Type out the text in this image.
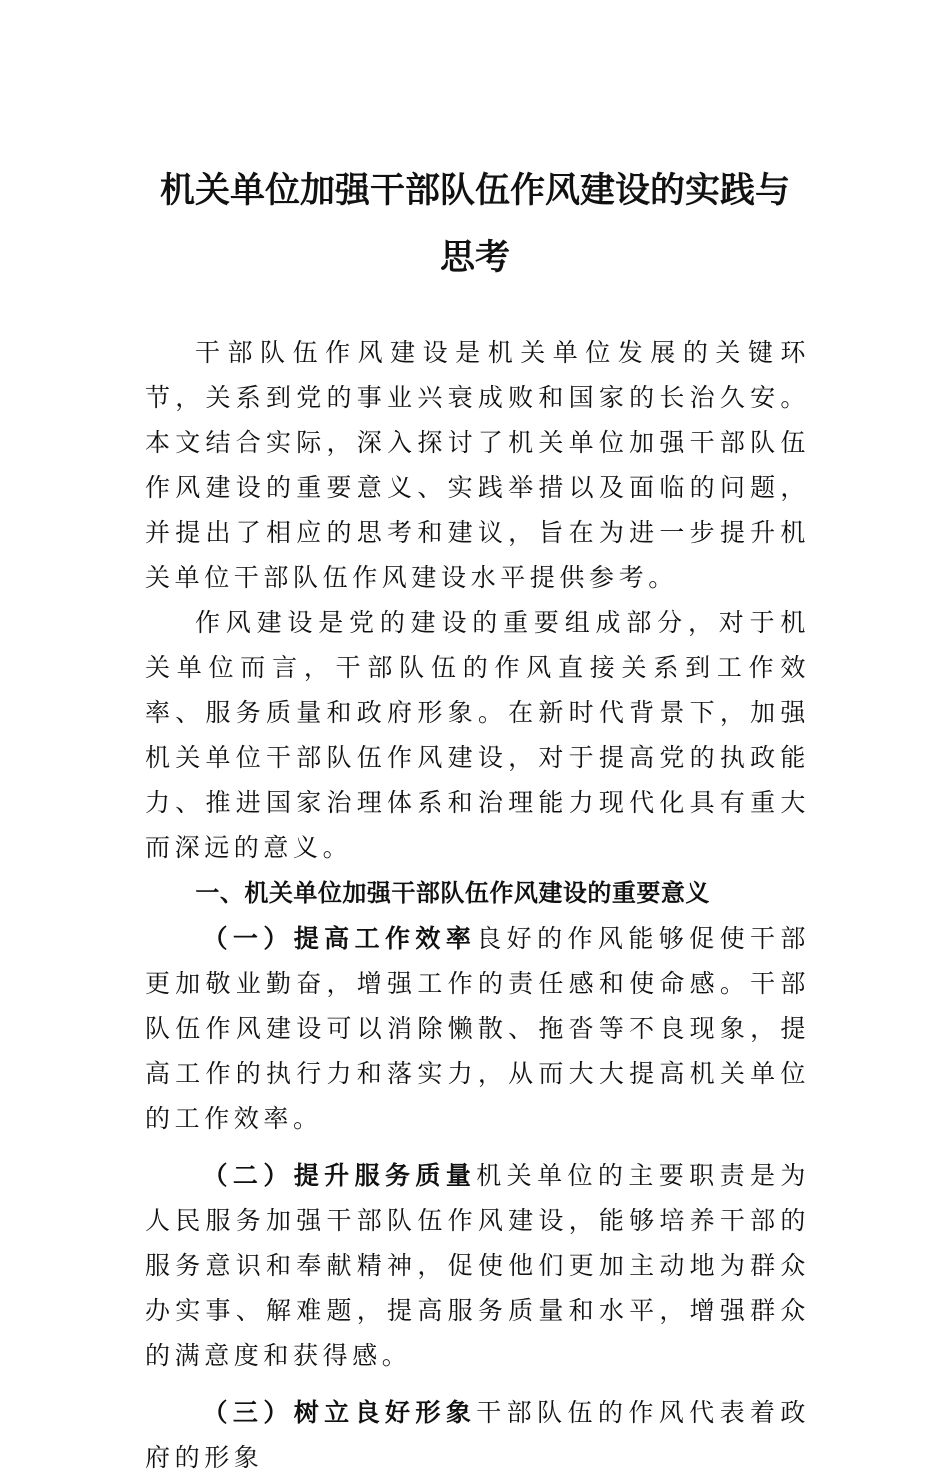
机关单位加强干部队伍作风建设的实践与
思考

干部队伍作风建设是机关单位发展的关键环节，关系到党的事业兴衰成败和国家的长治久安。本文结合实际，深入探讨了机关单位加强干部队伍作风建设的重要意义、实践举措以及面临的问题，并提出了相应的思考和建议，旨在为进一步提升机关单位干部队伍作风建设水平提供参考。

作风建设是党的建设的重要组成部分，对于机关单位而言，干部队伍的作风直接关系到工作效率、服务质量和政府形象。在新时代背景下，加强机关单位干部队伍作风建设，对于提高党的执政能力、推进国家治理体系和治理能力现代化具有重大而深远的意义。

一、机关单位加强干部队伍作风建设的重要意义

（一）提高工作效率良好的作风能够促使干部更加敬业勤奋，增强工作的责任感和使命感。干部队伍作风建设可以消除懒散、拖沓等不良现象，提高工作的执行力和落实力，从而大大提高机关单位的工作效率。

（二）提升服务质量机关单位的主要职责是为人民服务加强干部队伍作风建设，能够培养干部的服务意识和奉献精神，促使他们更加主动地为群众办实事、解难题，提高服务质量和水平，增强群众的满意度和获得感。

（三）树立良好形象干部队伍的作风代表着政府的形象
